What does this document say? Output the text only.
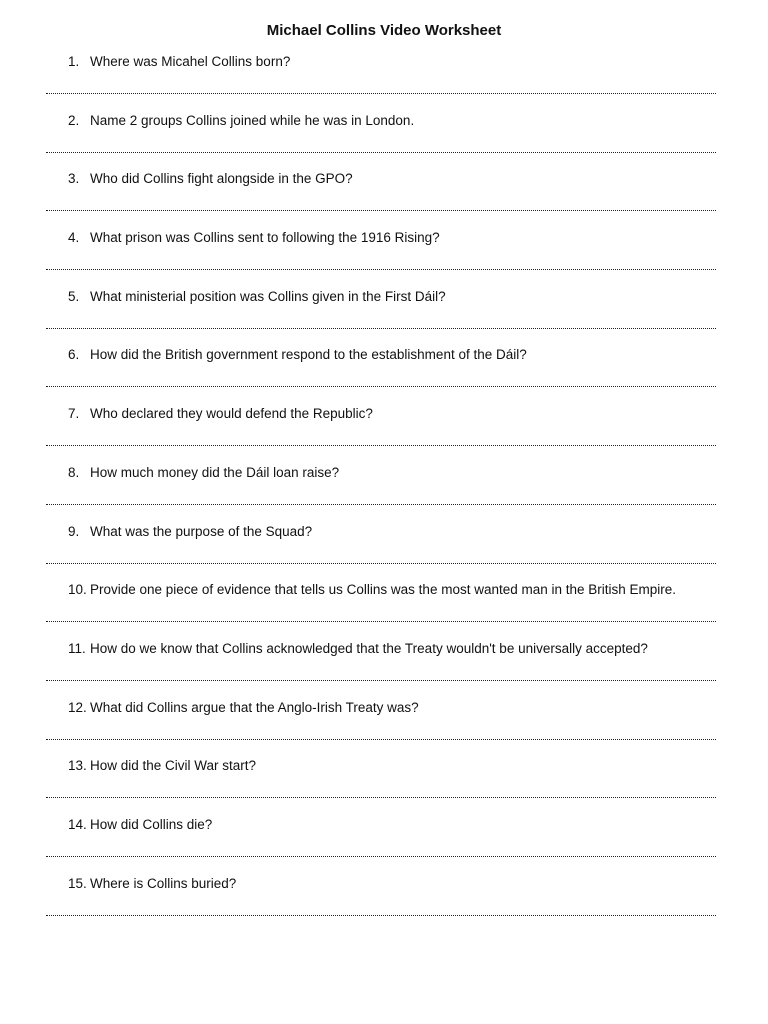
Michael Collins Video Worksheet
1. Where was Micahel Collins born?
2. Name 2 groups Collins joined while he was in London.
3. Who did Collins fight alongside in the GPO?
4. What prison was Collins sent to following the 1916 Rising?
5. What ministerial position was Collins given in the First Dáil?
6. How did the British government respond to the establishment of the Dáil?
7. Who declared they would defend the Republic?
8. How much money did the Dáil loan raise?
9. What was the purpose of the Squad?
10. Provide one piece of evidence that tells us Collins was the most wanted man in the British Empire.
11. How do we know that Collins acknowledged that the Treaty wouldn't be universally accepted?
12. What did Collins argue that the Anglo-Irish Treaty was?
13. How did the Civil War start?
14. How did Collins die?
15. Where is Collins buried?
